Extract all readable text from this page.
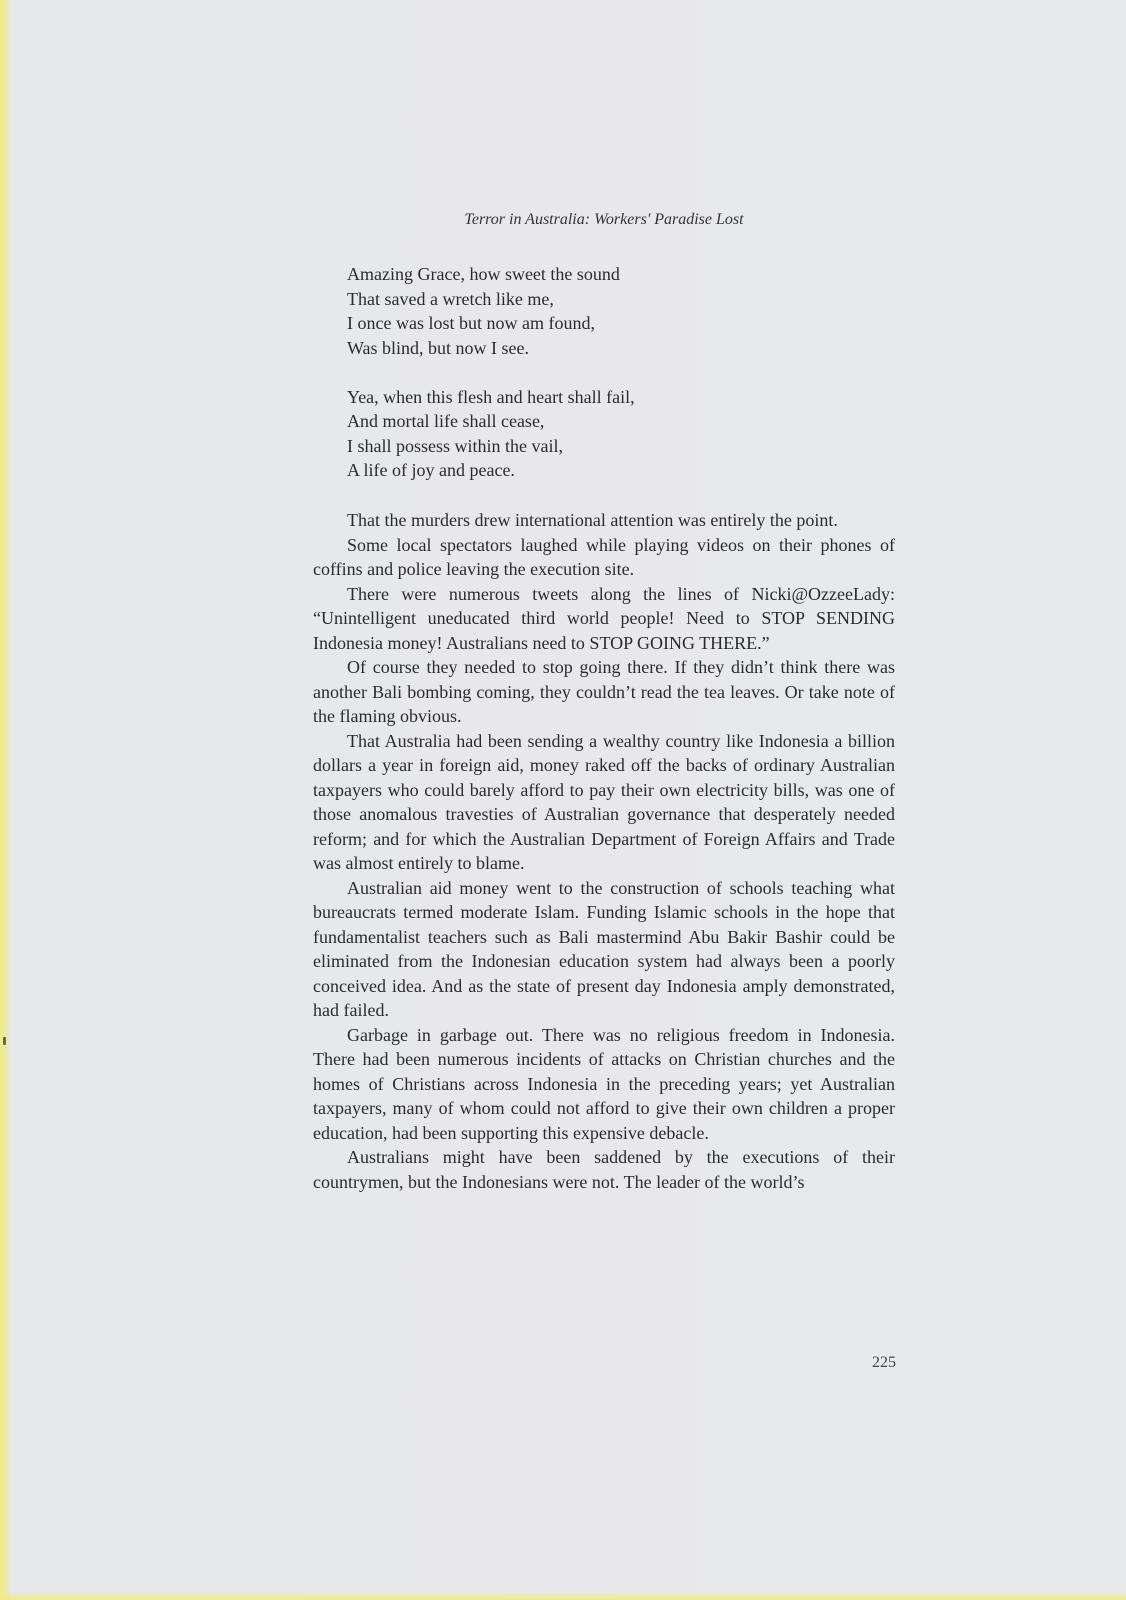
Terror in Australia: Workers' Paradise Lost
Amazing Grace, how sweet the sound
That saved a wretch like me,
I once was lost but now am found,
Was blind, but now I see.
Yea, when this flesh and heart shall fail,
And mortal life shall cease,
I shall possess within the vail,
A life of joy and peace.

That the murders drew international attention was entirely the point.

Some local spectators laughed while playing videos on their phones of coffins and police leaving the execution site.

There were numerous tweets along the lines of Nicki@OzzeeLady: “Unintelligent uneducated third world people! Need to STOP SENDING Indonesia money! Australians need to STOP GOING THERE.”

Of course they needed to stop going there. If they didn’t think there was another Bali bombing coming, they couldn’t read the tea leaves. Or take note of the flaming obvious.

That Australia had been sending a wealthy country like Indonesia a billion dollars a year in foreign aid, money raked off the backs of ordinary Australian taxpayers who could barely afford to pay their own electricity bills, was one of those anomalous travesties of Australian governance that desperately needed reform; and for which the Australian Department of Foreign Affairs and Trade was almost entirely to blame.

Australian aid money went to the construction of schools teaching what bureaucrats termed moderate Islam. Funding Islamic schools in the hope that fundamentalist teachers such as Bali mastermind Abu Bakir Bashir could be eliminated from the Indonesian education system had always been a poorly conceived idea. And as the state of present day Indonesia amply demonstrated, had failed.

Garbage in garbage out. There was no religious freedom in Indonesia. There had been numerous incidents of attacks on Christian churches and the homes of Christians across Indonesia in the preceding years; yet Australian taxpayers, many of whom could not afford to give their own children a proper education, had been supporting this expensive debacle.

Australians might have been saddened by the executions of their countrymen, but the Indonesians were not. The leader of the world’s

225
